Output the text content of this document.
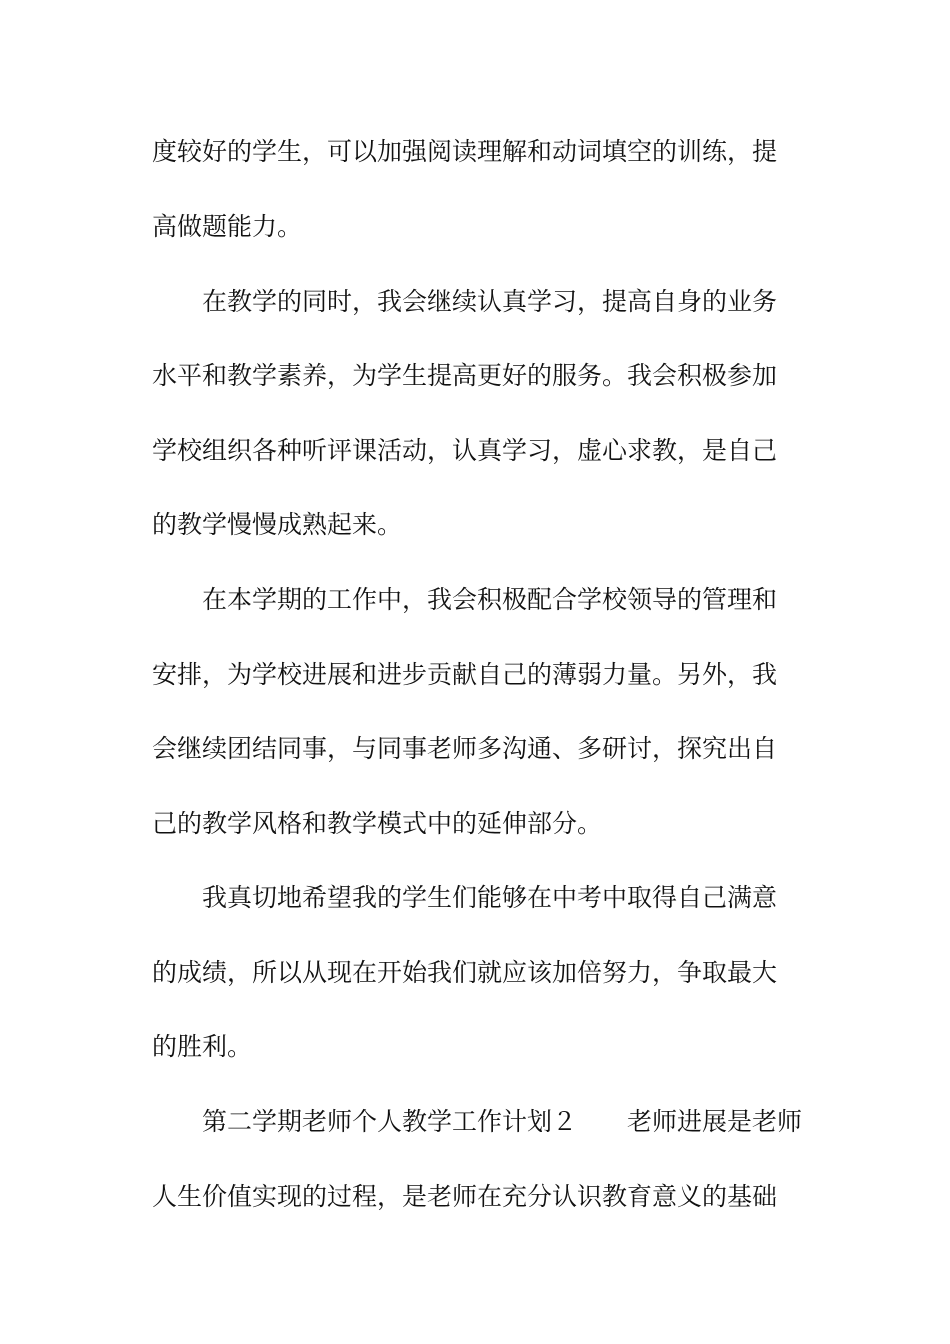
度较好的学生，可以加强阅读理解和动词填空的训练，提
高做题能力。
在教学的同时，我会继续认真学习，提高自身的业务
水平和教学素养，为学生提高更好的服务。我会积极参加
学校组织各种听评课活动，认真学习，虚心求教，是自己
的教学慢慢成熟起来。
在本学期的工作中，我会积极配合学校领导的管理和
安排，为学校进展和进步贡献自己的薄弱力量。另外，我
会继续团结同事，与同事老师多沟通、多研讨，探究出自
己的教学风格和教学模式中的延伸部分。
我真切地希望我的学生们能够在中考中取得自己满意
的成绩，所以从现在开始我们就应该加倍努力，争取最大
的胜利。
第二学期老师个人教学工作计划２　　老师进展是老师
人生价值实现的过程，是老师在充分认识教育意义的基础
